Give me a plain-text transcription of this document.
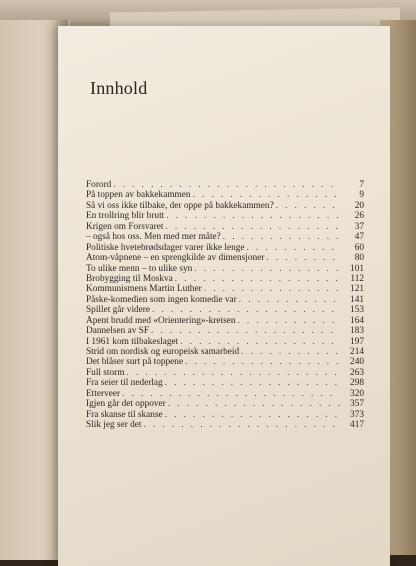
Innhold
Forord . . .	7
På toppen av bakkekammen . . .	9
Så vi oss ikke tilbake, der oppe på bakkekammen? . . .	20
En trollring blir brutt . . .	26
Krigen om Forsvaret . . .	37
– også hos oss. Men med mer måte? . . .	47
Politiske hvetebrødsdager varer ikke lenge . . .	60
Atom-våpnene – en sprengkilde av dimensjoner . . .	80
To ulike menn – to ulike syn . . .	101
Brobygging til Moskva . . .	112
Kommunismens Martin Luther . . .	121
Påske-komedien som ingen komedie var . . .	141
Spillet går videre . . .	153
Åpent brudd med «Orientering»-kretsen . . .	164
Dannelsen av SF . . .	183
I 1961 kom tilbakeslaget . . .	197
Strid om nordisk og europeisk samarbeid . . .	214
Det blåser surt på toppene . . .	240
Full storm . . .	263
Fra seier til nederlag . . .	298
Etterveer . . .	320
Igjen går det oppover . . .	357
Fra skanse til skanse . . .	373
Slik jeg ser det . . .	417
